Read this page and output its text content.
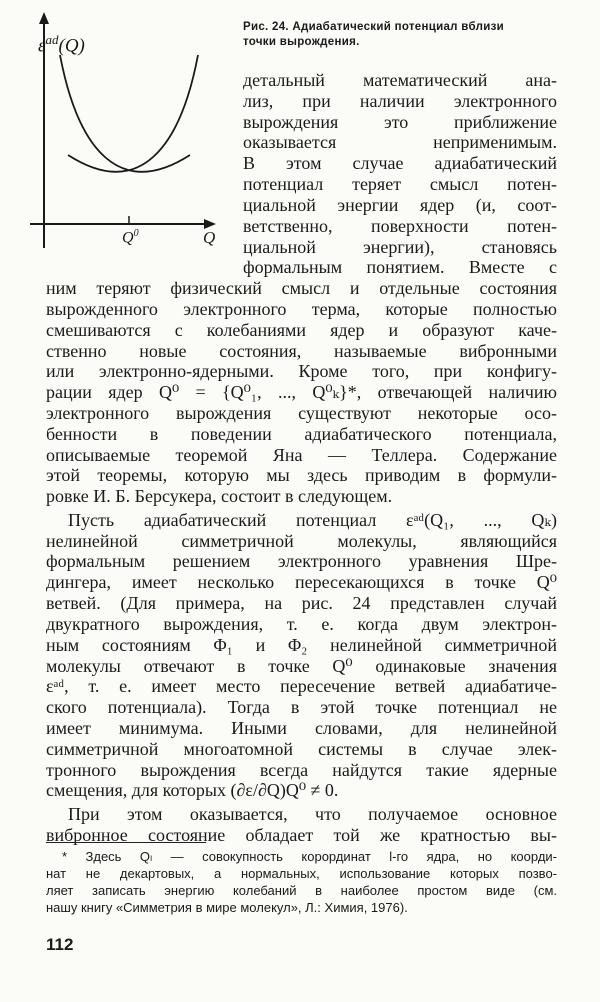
$\varepsilon^{ad}(Q)$
$Q^0$	Q
Рис. 24. Адиабатический потенциал вблизи
точки вырождения.
детальный математический ана-
лиз, при наличии электронного
вырождения это приближение
оказывается неприменимым.
В этом случае адиабатический
потенциал теряет смысл потен-
циальной энергии ядер (и, соот-
ветственно, поверхности потен-
циальной энергии), становясь
формальным понятием. Вместе с
ним теряют физический смысл и отдельные состояния
вырожденного электронного терма, которые полностью
смешиваются с колебаниями ядер и образуют каче-
ственно новые состояния, называемые вибронными
или электронно-ядерными. Кроме того, при конфигу-
рации ядер Q⁰ = {Q⁰₁, ..., Q⁰ₖ}*, отвечающей наличию
электронного вырождения существуют некоторые осо-
бенности в поведении адиабатического потенциала,
описываемые теоремой Яна — Теллера. Содержание
этой теоремы, которую мы здесь приводим в формули-
ровке И. Б. Берсукера, состоит в следующем.
Пусть адиабатический потенциал εᵃᵈ(Q₁, ..., Qₖ)
нелинейной симметричной молекулы, являющийся
формальным решением электронного уравнения Шре-
дингера, имеет несколько пересекающихся в точке Q⁰
ветвей. (Для примера, на рис. 24 представлен случай
двукратного вырождения, т. е. когда двум электрон-
ным состояниям Φ₁ и Φ₂ нелинейной симметричной
молекулы отвечают в точке Q⁰ одинаковые значения
εᵃᵈ, т. е. имеет место пересечение ветвей адиабатиче-
ского потенциала). Тогда в этой точке потенциал не
имеет минимума. Иными словами, для нелинейной
симметричной многоатомной системы в случае элек-
тронного вырождения всегда найдутся такие ядерные
смещения, для которых (∂ε/∂Q)Q⁰ ≠ 0.
При этом оказывается, что получаемое основное
вибронное состояние обладает той же кратностью вы-
* Здесь Qₗ — совокупность корординат l-го ядра, но коорди-
нат не декартовых, а нормальных, использование которых позво-
ляет записать энергию колебаний в наиболее простом виде (см.
нашу книгу «Симметрия в мире молекул», Л.: Химия, 1976).
112
